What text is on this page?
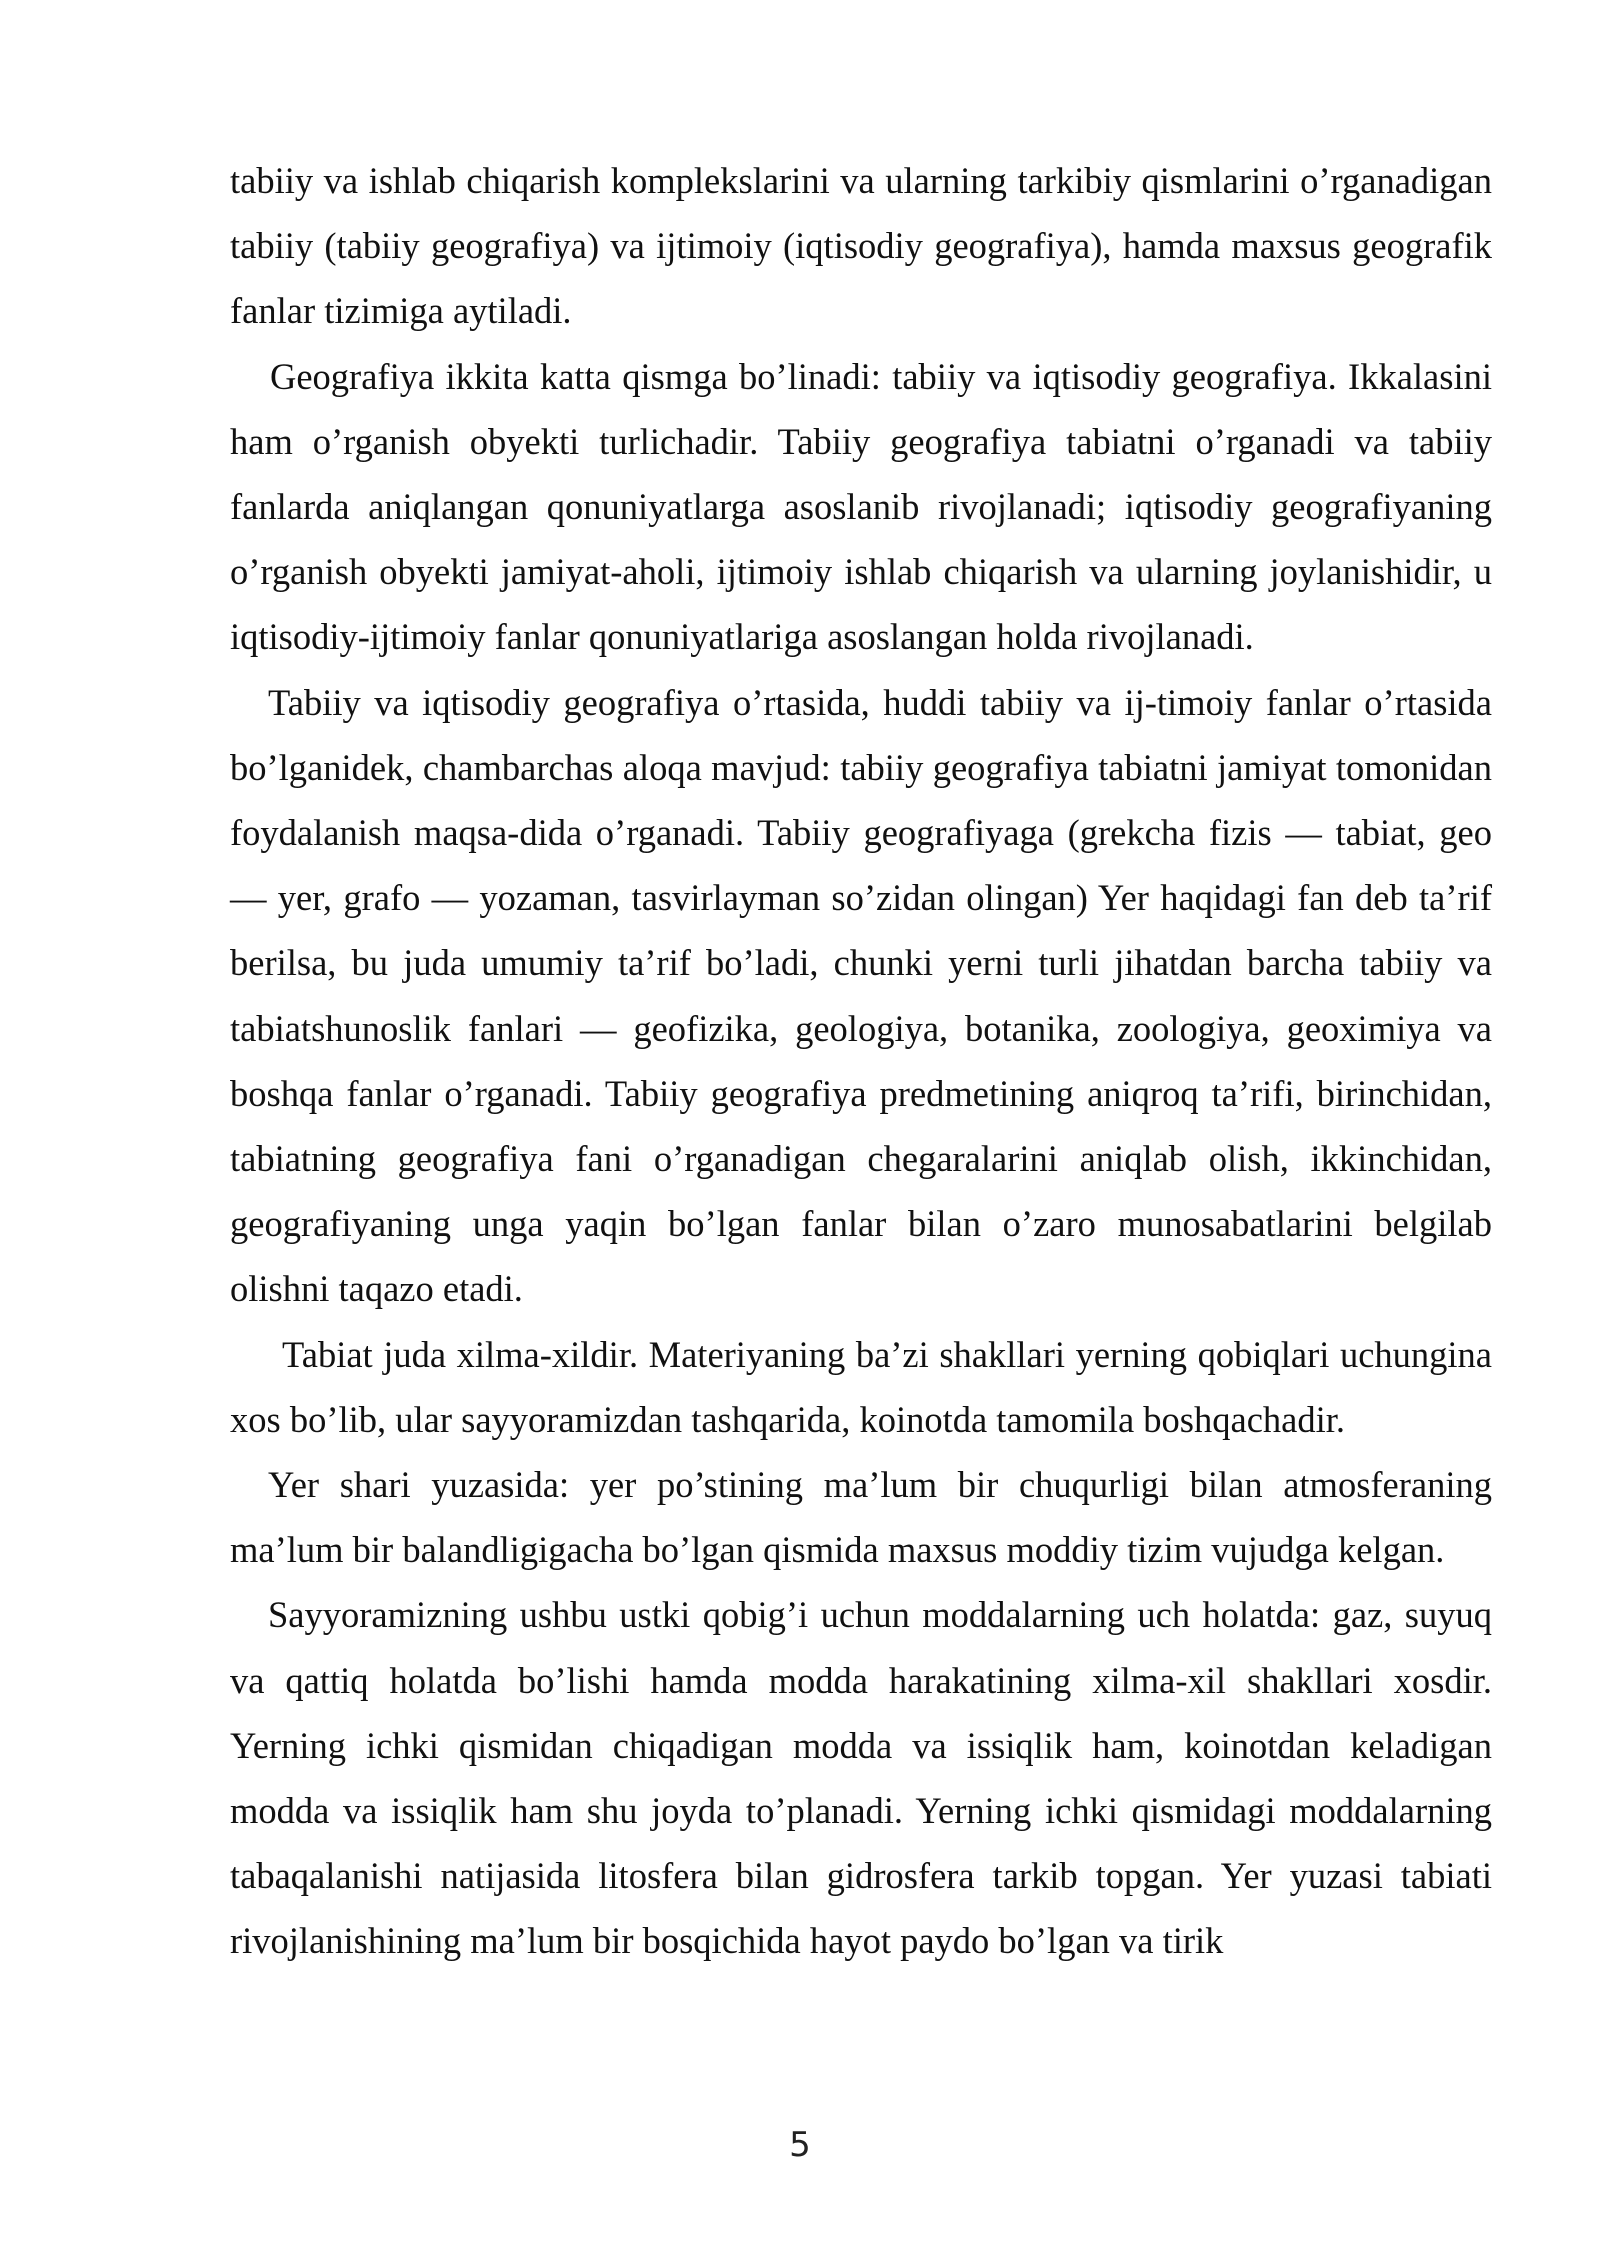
tabiiy va ishlab chiqarish komplekslarini va ularning tarkibiy qismlarini o’rganadigan tabiiy (tabiiy geografiya) va ijtimoiy (iqtisodiy geografiya), hamda maxsus geografik fanlar tizimiga aytiladi.

Geografiya ikkita katta qismga bo’linadi: tabiiy va iqtisodiy geografiya. Ikkalasini ham o’rganish obyekti turlichadir. Tabiiy geografiya tabiatni o’rganadi va tabiiy fanlarda aniqlangan qonuniyatlarga asoslanib rivojlanadi; iqtisodiy geografiyaning o’rganish obyekti jamiyat-aholi, ijtimoiy ishlab chiqarish va ularning joylanishidir, u iqtisodiy-ijtimoiy fanlar qonuniyatlariga asoslangan holda rivojlanadi.

Tabiiy va iqtisodiy geografiya o’rtasida, huddi tabiiy va ij-timoiy fanlar o’rtasida bo’lganidek, chambarchas aloqa mavjud: tabiiy geografiya tabiatni jamiyat tomonidan foydalanish maqsa-dida o’rganadi. Tabiiy geografiyaga (grekcha fizis — tabiat, geo — yer, grafo — yozaman, tasvirlayman so’zidan olingan) Yer haqidagi fan deb ta’rif berilsa, bu juda umumiy ta’rif bo’ladi, chunki yerni turli jihatdan barcha tabiiy va tabiatshunoslik fanlari — geofizika, geologiya, botanika, zoologiya, geoximiya va boshqa fanlar o’rganadi. Tabiiy geografiya predmetining aniqroq ta’rifi, birinchidan, tabiatning geografiya fani o’rganadigan chegaralarini aniqlab olish, ikkinchidan, geografiyaning unga yaqin bo’lgan fanlar bilan o’zaro munosabatlarini belgilab olishni taqazo etadi.

Tabiat juda xilma-xildir. Materiyaning ba’zi shakllari yerning qobiqlari uchungina xos bo’lib, ular sayyoramizdan tashqarida, koinotda tamomila boshqachadir.

Yer shari yuzasida: yer po’stining ma’lum bir chuqurligi bilan atmosferaning ma’lum bir balandligigacha bo’lgan qismida maxsus moddiy tizim vujudga kelgan.

Sayyoramizning ushbu ustki qobig’i uchun moddalarning uch holatda: gaz, suyuq va qattiq holatda bo’lishi hamda modda harakatining xilma-xil shakllari xosdir. Yerning ichki qismidan chiqadigan modda va issiqlik ham, koinotdan keladigan modda va issiqlik ham shu joyda to’planadi. Yerning ichki qismidagi moddalarning tabaqalanishi natijasida litosfera bilan gidrosfera tarkib topgan. Yer yuzasi tabiati rivojlanishining ma’lum bir bosqichida hayot paydo bo’lgan va tirik

5
